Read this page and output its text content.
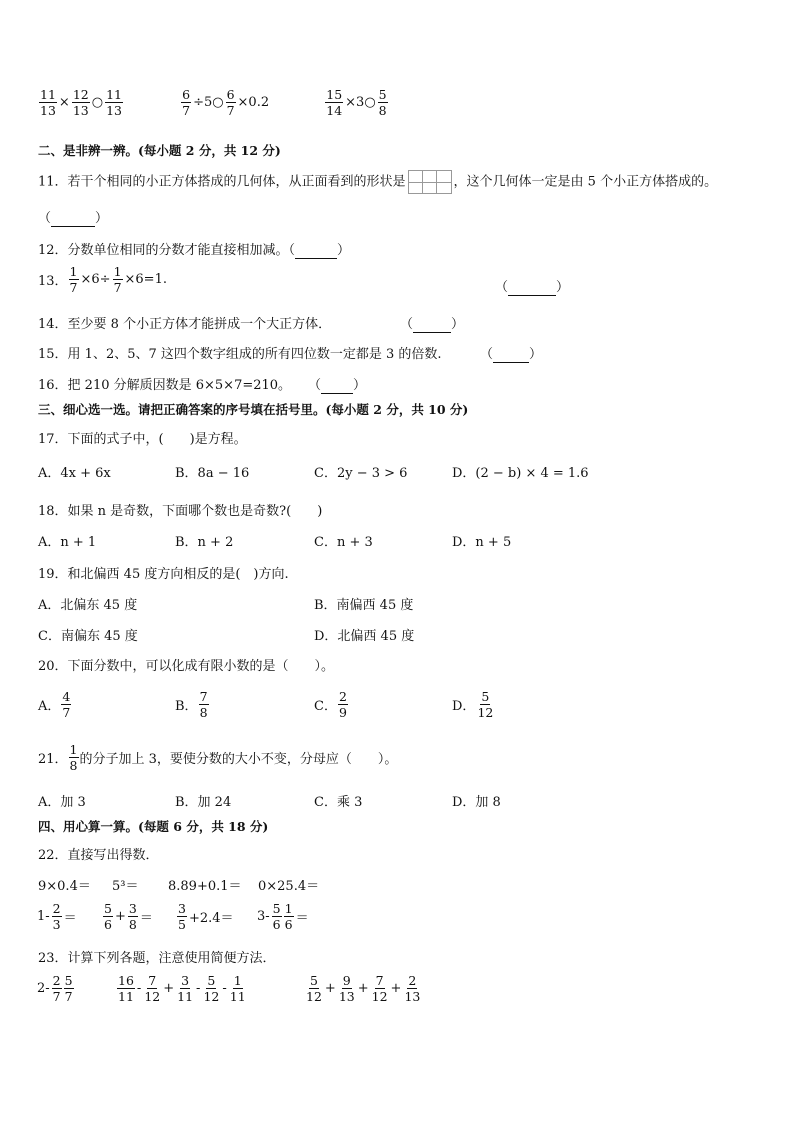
$\frac{11}{13} \times \frac{12}{13}$ ○ $\frac{11}{13}$
	$\frac{6}{7}$ ÷5○ $\frac{6}{7} \times 0.2$	$\frac{15}{14}$ ×3○ $\frac{5}{8}$
二、是非辨一辨。(每小题 2 分，共 12 分)
11．若干个相同的小正方体搭成的几何体，从正面看到的形状是	，这个几何体一定是由 5 个小正方体搭成的。
（	）
12．分数单位相同的分数才能直接相加减。（	）
13． $\frac{1}{7} \times 6\div \frac{1}{7} \times 6=1$.
（	）
14．至少要 8 个小正方体才能拼成一个大正方体．	（	）
15．用 1、2、5、7 这四个数字组成的所有四位数一定都是 3 的倍数.	（	）
16．把 210 分解质因数是 6×5×7=210。 （ ）
三、细心选一选。请把正确答案的序号填在括号里。(每小题 2 分，共 10 分)
17．下面的式子中，(　　)是方程。
A．4x + 6x	B．8a − 16	C．2y − 3 > 6	D．(2 − b) × 4 = 1.6
18．如果 n 是奇数，下面哪个数也是奇数?(　　)
A．n + 1	B．n + 2	C．n + 3	D．n + 5
19．和北偏西 45 度方向相反的是(　)方向.
A．北偏东 45 度	B．南偏西 45 度
C．南偏东 45 度	D．北偏西 45 度
20．下面分数中，可以化成有限小数的是（　　）。
A． $\frac{4}{7}$	B． $\frac{7}{8}$	C． $\frac{2}{9}$	D． $\frac{5}{12}$
21． $\frac{1}{8}$ 的分子加上 3，要使分数的大小不变，分母应（　　）。
A．加 3	B．加 24	C．乘 3	D．加 8
四、用心算一算。(每题 6 分，共 18 分)
22．直接写出得数．
9×0.4＝ 5³＝ 8.89+0.1＝ 0×25.4＝
$1- \frac{2}{3} = \frac{5}{6} + \frac{3}{8} = \frac{3}{5} +2.4= 3- \frac{5}{6} \frac{1}{6}$ ＝
23．计算下列各题，注意使用简便方法．
$2- \frac{2}{7} \frac{5}{7}$	$\frac{16}{11} - \frac{7}{12} + \frac{3}{11} - \frac{5}{12} - \frac{1}{11}$	$\frac{5}{12} + \frac{9}{13} + \frac{7}{12} + \frac{2}{13}$
